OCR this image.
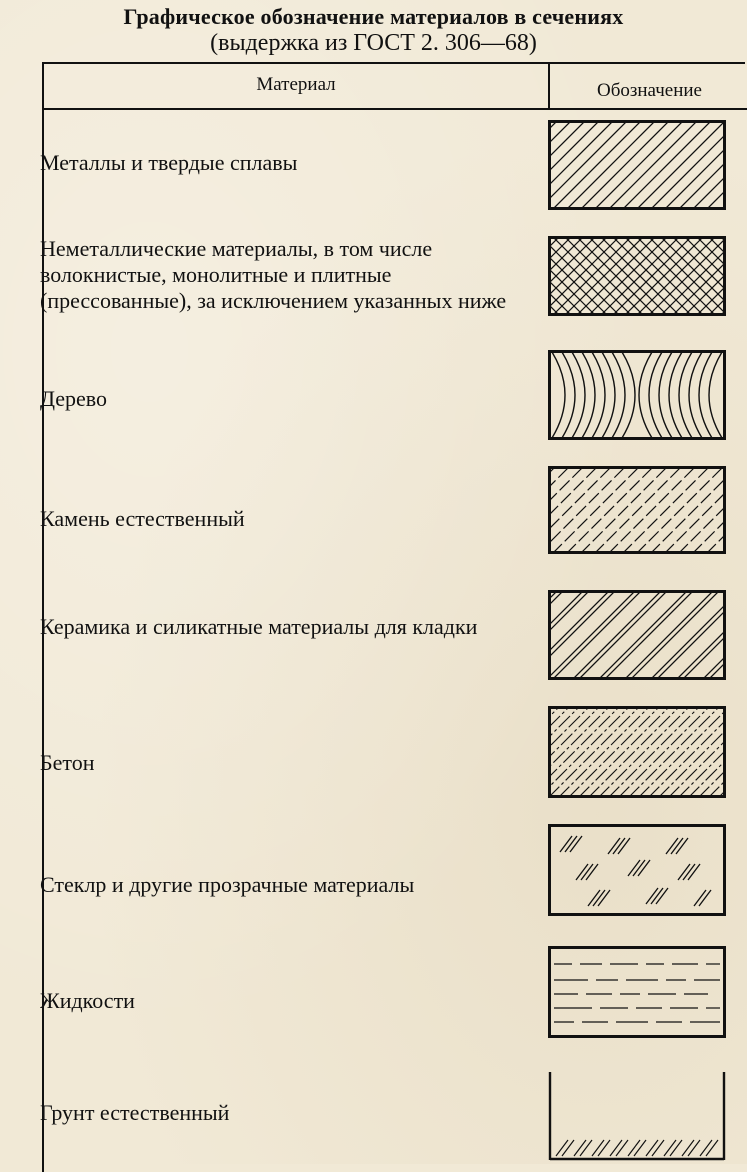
Графическое обозначение материалов в сечениях
(выдержка из ГОСТ 2. 306—68)
Материал	Обозначение
Металлы и твердые сплавы
Неметаллические материалы, в том числе волокнистые, монолитные и плитные (прессованные), за исключением указанных ниже
Дерево
Камень естественный
Керамика и силикатные материалы для кладки
Бетон
Стеклр и другие прозрачные материалы
Жидкости
Грунт естественный
